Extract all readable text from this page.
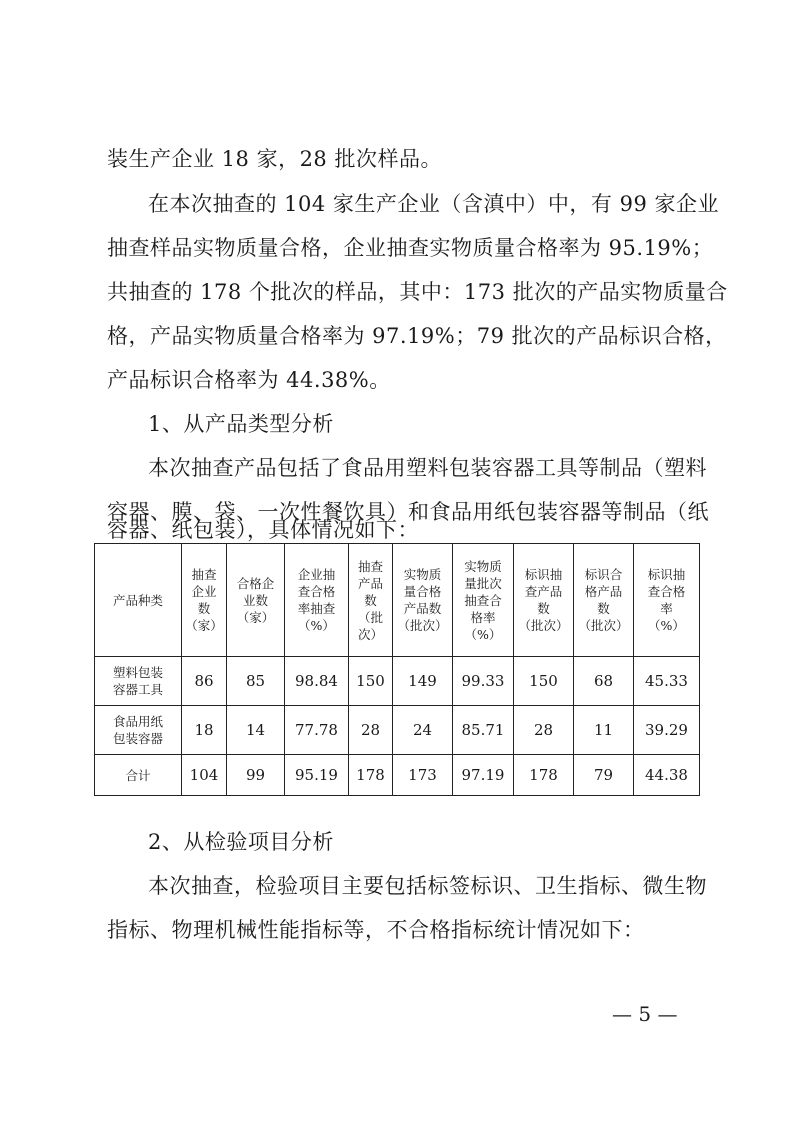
装生产企业 18 家，28 批次样品。
在本次抽查的 104 家生产企业（含滇中）中，有 99 家企业
抽查样品实物质量合格，企业抽查实物质量合格率为 95.19%；
共抽查的 178 个批次的样品，其中：173 批次的产品实物质量合
格，产品实物质量合格率为 97.19%；79 批次的产品标识合格，
产品标识合格率为 44.38%。
1、从产品类型分析
本次抽查产品包括了食品用塑料包装容器工具等制品（塑料
容器、膜、袋、一次性餐饮具）和食品用纸包装容器等制品（纸
容器、纸包装），具体情况如下：
产品种类	抽查
企业
数
（家）	合格企
业数
（家）	企业抽
查合格
率抽查
（%）	抽查
产品
数
（批
次）	实物质
量合格
产品数
（批次）	实物质
量批次
抽查合
格率
（%）	标识抽
查产品
数
（批次）	标识合
格产品
数
（批次）	标识抽
查合格
率
（%）
塑料包装
容器工具	86	85	98.84	150	149	99.33	150	68	45.33
食品用纸
包装容器	18	14	77.78	28	24	85.71	28	11	39.29
合计	104	99	95.19	178	173	97.19	178	79	44.38
2、从检验项目分析
本次抽查，检验项目主要包括标签标识、卫生指标、微生物
指标、物理机械性能指标等，不合格指标统计情况如下：
— 5 —
